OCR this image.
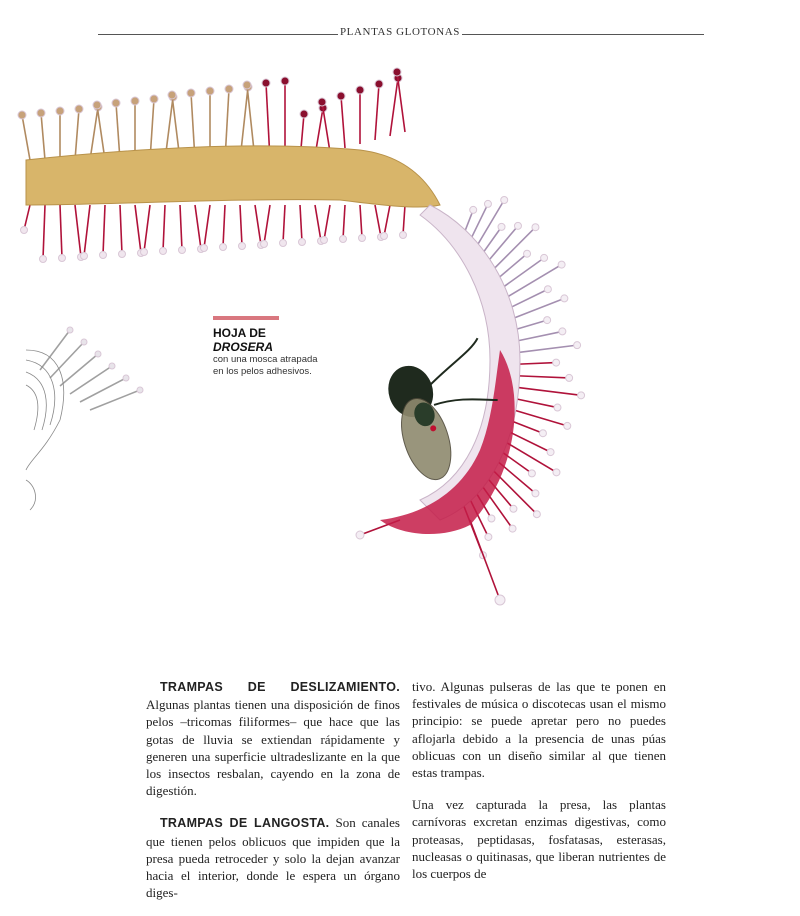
PLANTAS GLOTONAS
HOJA DE
DROSERA
con una mosca atrapada en los pelos adhesivos.

TRAMPAS DE DESLIZAMIENTO. Algunas plantas tienen una disposición de finos pelos –tricomas filiformes– que hace que las gotas de lluvia se extiendan rápidamente y generen una superficie ultradeslizante en la que los insectos resbalan, cayendo en la zona de digestión.

TRAMPAS DE LANGOSTA. Son canales que tienen pelos oblicuos que impiden que la presa pueda retroceder y solo la dejan avanzar hacia el interior, donde le espera un órgano diges-

tivo. Algunas pulseras de las que te ponen en festivales de música o discotecas usan el mismo principio: se puede apretar pero no puedes aflojarla debido a la presencia de unas púas oblicuas con un diseño similar al que tienen estas trampas.

Una vez capturada la presa, las plantas carnívoras excretan enzimas digestivas, como proteasas, peptidasas, fosfatasas, esterasas, nucleasas o quitinasas, que liberan nutrientes de los cuerpos de
